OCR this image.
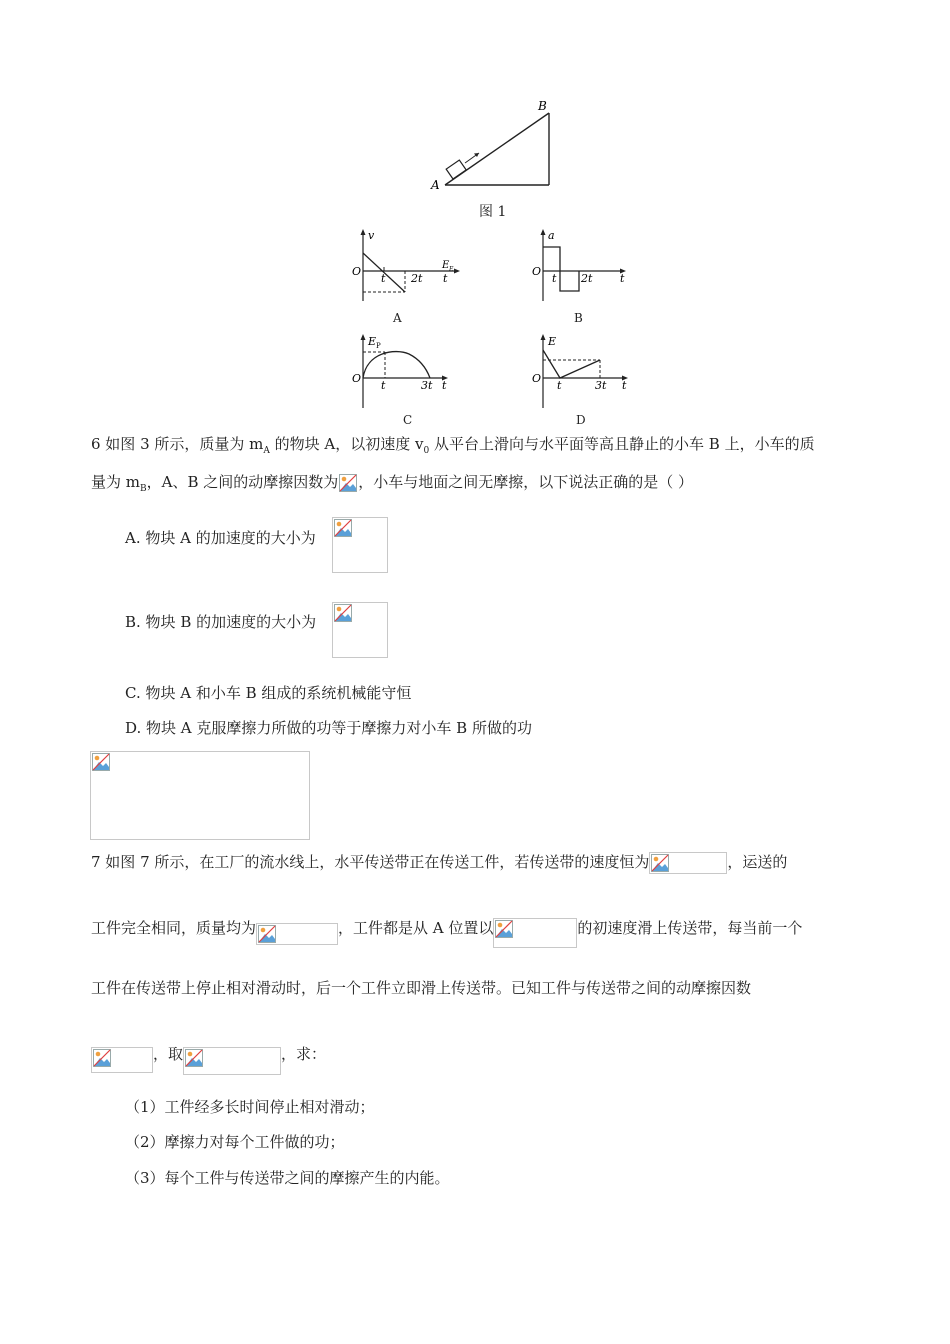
A
B
图 1
v
O
t 2t
E E
t
A
a
O
t 2t	t
B
E P
O
t	3t t
C
E
O
t	3t t
D
6 如图 3 所示，质量为 $m_A$ 的物块 A，以初速度 $v_0$ 从平台上滑向与水平面等高且静止的小车 B 上，小车的质
量为 $m_B$，A、B 之间的动摩擦因数为 ，小车与地面之间无摩擦，以下说法正确的是（ ）
A. 物块 A 的加速度的大小为
B. 物块 B 的加速度的大小为
C. 物块 A 和小车 B 组成的系统机械能守恒
D. 物块 A 克服摩擦力所做的功等于摩擦力对小车 B 所做的功
7 如图 7 所示，在工厂的流水线上，水平传送带正在传送工件，若传送带的速度恒为	，运送的
工件完全相同，质量均为	，工件都是从 A 位置以	的初速度滑上传送带，每当前一个
工件在传送带上停止相对滑动时，后一个工件立即滑上传送带。已知工件与传送带之间的动摩擦因数
，取	，求：
（1）工件经多长时间停止相对滑动；
（2）摩擦力对每个工件做的功；
（3）每个工件与传送带之间的摩擦产生的内能。
